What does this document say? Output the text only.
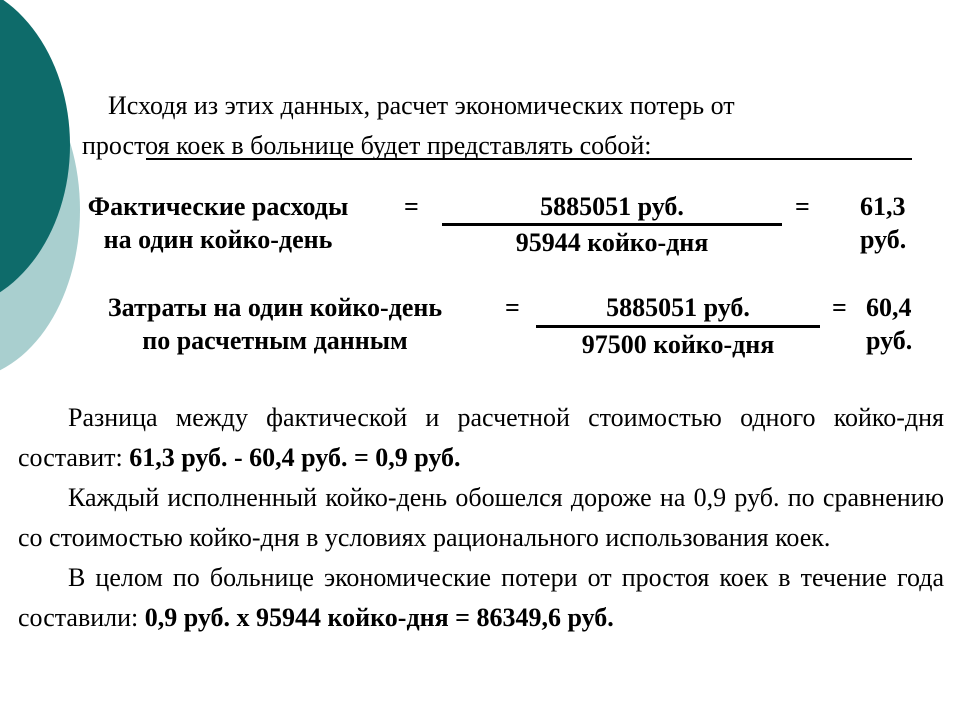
Исходя из этих данных, расчет экономических потерь от
простоя коек в больнице будет представлять собой:
Фактические расходы
на один койко-день
=	5885051 руб.
95944 койко-дня
= 61,3
руб.
Затраты на один койко-день
по расчетным данным
=	5885051 руб.
97500 койко-дня
= 60,4
руб.

Разница между фактической и расчетной стоимостью одного койко-дня составит: 61,3 руб. - 60,4 руб. = 0,9 руб.

Каждый исполненный койко-день обошелся дороже на 0,9 руб. по сравнению со стоимостью койко-дня в условиях рационального использования коек.

В целом по больнице экономические потери от простоя коек в течение года составили: 0,9 руб. х 95944 койко-дня = 86349,6 руб.
